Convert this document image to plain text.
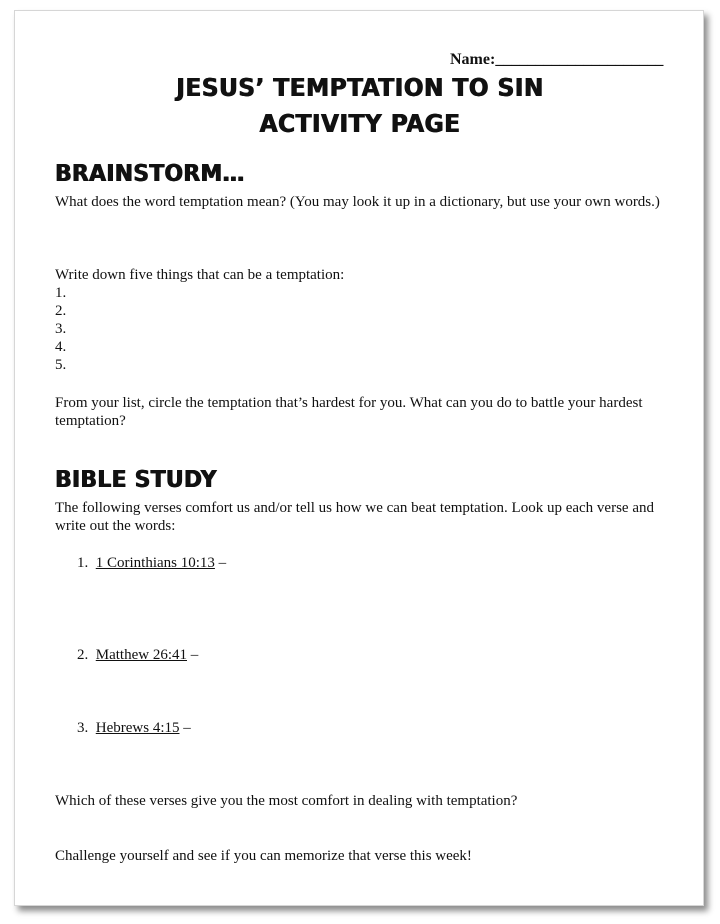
Name:_____________________
JESUS’ TEMPTATION TO SIN
ACTIVITY PAGE
BRAINSTORM…
What does the word temptation mean? (You may look it up in a dictionary, but use your own words.)
Write down five things that can be a temptation:
1.
2.
3.
4.
5.
From your list, circle the temptation that’s hardest for you. What can you do to battle your hardest temptation?
BIBLE STUDY
The following verses comfort us and/or tell us how we can beat temptation. Look up each verse and write out the words:
1. 1 Corinthians 10:13 –
2. Matthew 26:41 –
3. Hebrews 4:15 –
Which of these verses give you the most comfort in dealing with temptation?
Challenge yourself and see if you can memorize that verse this week!
